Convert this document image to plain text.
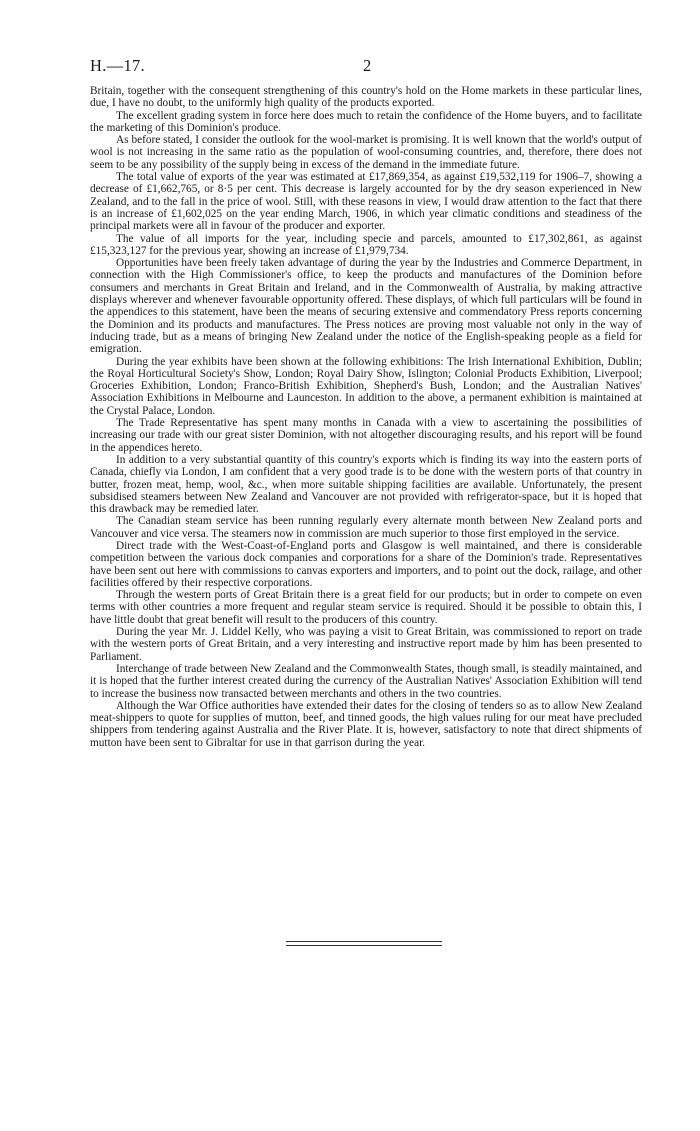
H.—17.	2

Britain, together with the consequent strengthening of this country's hold on the Home markets in these particular lines, due, I have no doubt, to the uniformly high quality of the products exported.

The excellent grading system in force here does much to retain the confidence of the Home buyers, and to facilitate the marketing of this Dominion's produce.

As before stated, I consider the outlook for the wool-market is promising. It is well known that the world's output of wool is not increasing in the same ratio as the population of wool-consuming countries, and, therefore, there does not seem to be any possibility of the supply being in excess of the demand in the immediate future.

The total value of exports of the year was estimated at £17,869,354, as against £19,532,119 for 1906–7, showing a decrease of £1,662,765, or 8·5 per cent. This decrease is largely accounted for by the dry season experienced in New Zealand, and to the fall in the price of wool. Still, with these reasons in view, I would draw attention to the fact that there is an increase of £1,602,025 on the year ending March, 1906, in which year climatic conditions and steadiness of the principal markets were all in favour of the producer and exporter.

The value of all imports for the year, including specie and parcels, amounted to £17,302,861, as against £15,323,127 for the previous year, showing an increase of £1,979,734.

Opportunities have been freely taken advantage of during the year by the Industries and Commerce Department, in connection with the High Commissioner's office, to keep the products and manufactures of the Dominion before consumers and merchants in Great Britain and Ireland, and in the Commonwealth of Australia, by making attractive displays wherever and whenever favourable opportunity offered. These displays, of which full particulars will be found in the appendices to this statement, have been the means of securing extensive and commendatory Press reports concerning the Dominion and its products and manufactures. The Press notices are proving most valuable not only in the way of inducing trade, but as a means of bringing New Zealand under the notice of the English-speaking people as a field for emigration.

During the year exhibits have been shown at the following exhibitions: The Irish International Exhibition, Dublin; the Royal Horticultural Society's Show, London; Royal Dairy Show, Islington; Colonial Products Exhibition, Liverpool; Groceries Exhibition, London; Franco-British Exhibition, Shepherd's Bush, London; and the Australian Natives' Association Exhibitions in Melbourne and Launceston. In addition to the above, a permanent exhibition is maintained at the Crystal Palace, London.

The Trade Representative has spent many months in Canada with a view to ascertaining the possibilities of increasing our trade with our great sister Dominion, with not altogether discouraging results, and his report will be found in the appendices hereto.

In addition to a very substantial quantity of this country's exports which is finding its way into the eastern ports of Canada, chiefly via London, I am confident that a very good trade is to be done with the western ports of that country in butter, frozen meat, hemp, wool, &c., when more suitable shipping facilities are available. Unfortunately, the present subsidised steamers between New Zealand and Vancouver are not provided with refrigerator-space, but it is hoped that this drawback may be remedied later.

The Canadian steam service has been running regularly every alternate month between New Zealand ports and Vancouver and vice versa. The steamers now in commission are much superior to those first employed in the service.

Direct trade with the West-Coast-of-England ports and Glasgow is well maintained, and there is considerable competition between the various dock companies and corporations for a share of the Dominion's trade. Representatives have been sent out here with commissions to canvas exporters and importers, and to point out the dock, railage, and other facilities offered by their respective corporations.

Through the western ports of Great Britain there is a great field for our products; but in order to compete on even terms with other countries a more frequent and regular steam service is required. Should it be possible to obtain this, I have little doubt that great benefit will result to the producers of this country.

During the year Mr. J. Liddel Kelly, who was paying a visit to Great Britain, was commissioned to report on trade with the western ports of Great Britain, and a very interesting and instructive report made by him has been presented to Parliament.

Interchange of trade between New Zealand and the Commonwealth States, though small, is steadily maintained, and it is hoped that the further interest created during the currency of the Australian Natives' Association Exhibition will tend to increase the business now transacted between merchants and others in the two countries.

Although the War Office authorities have extended their dates for the closing of tenders so as to allow New Zealand meat-shippers to quote for supplies of mutton, beef, and tinned goods, the high values ruling for our meat have precluded shippers from tendering against Australia and the River Plate. It is, however, satisfactory to note that direct shipments of mutton have been sent to Gibraltar for use in that garrison during the year.
